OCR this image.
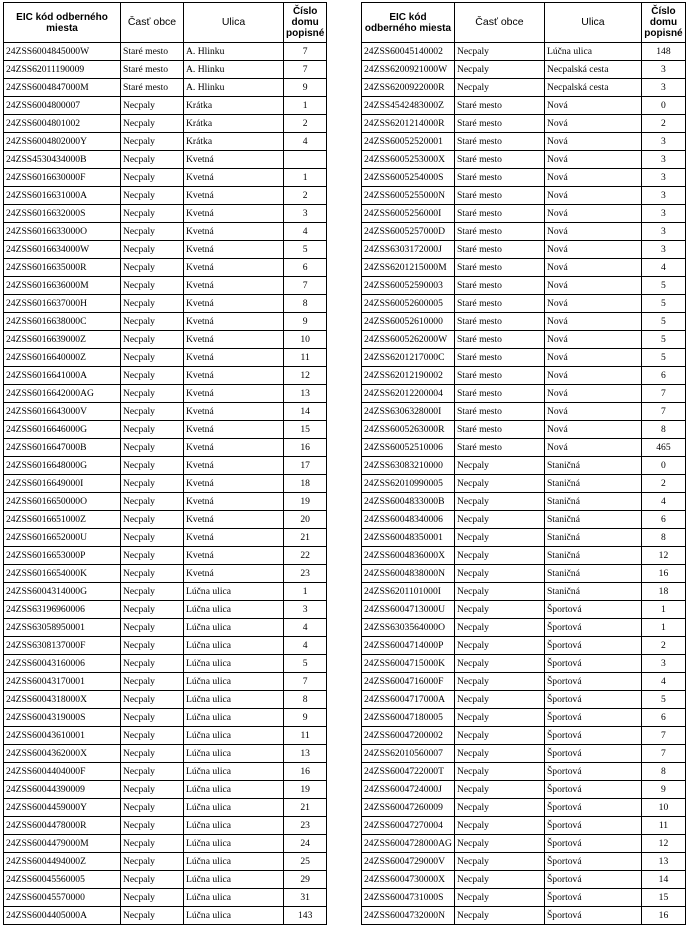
EIC kód odberného miesta	Časť obce	Ulica	Číslo domu popisné
24ZSS6004845000W	Staré mesto	A. Hlinku	7
24ZSS62011190009	Staré mesto	A. Hlinku	7
24ZSS6004847000M	Staré mesto	A. Hlinku	9
24ZSS6004800007	Necpaly	Krátka	1
24ZSS6004801002	Necpaly	Krátka	2
24ZSS6004802000Y	Necpaly	Krátka	4
24ZSS4530434000B	Necpaly	Kvetná	
24ZSS6016630000F	Necpaly	Kvetná	1
24ZSS6016631000A	Necpaly	Kvetná	2
24ZSS6016632000S	Necpaly	Kvetná	3
24ZSS6016633000O	Necpaly	Kvetná	4
24ZSS6016634000W	Necpaly	Kvetná	5
24ZSS6016635000R	Necpaly	Kvetná	6
24ZSS6016636000M	Necpaly	Kvetná	7
24ZSS6016637000H	Necpaly	Kvetná	8
24ZSS6016638000C	Necpaly	Kvetná	9
24ZSS6016639000Z	Necpaly	Kvetná	10
24ZSS6016640000Z	Necpaly	Kvetná	11
24ZSS6016641000A	Necpaly	Kvetná	12
24ZSS6016642000AG	Necpaly	Kvetná	13
24ZSS6016643000V	Necpaly	Kvetná	14
24ZSS6016646000G	Necpaly	Kvetná	15
24ZSS6016647000B	Necpaly	Kvetná	16
24ZSS6016648000G	Necpaly	Kvetná	17
24ZSS6016649000I	Necpaly	Kvetná	18
24ZSS6016650000O	Necpaly	Kvetná	19
24ZSS6016651000Z	Necpaly	Kvetná	20
24ZSS6016652000U	Necpaly	Kvetná	21
24ZSS6016653000P	Necpaly	Kvetná	22
24ZSS6016654000K	Necpaly	Kvetná	23
24ZSS6004314000G	Necpaly	Lúčna ulica	1
24ZSS63196960006	Necpaly	Lúčna ulica	3
24ZSS63058950001	Necpaly	Lúčna ulica	4
24ZSS6308137000F	Necpaly	Lúčna ulica	4
24ZSS60043160006	Necpaly	Lúčna ulica	5
24ZSS60043170001	Necpaly	Lúčna ulica	7
24ZSS6004318000X	Necpaly	Lúčna ulica	8
24ZSS6004319000S	Necpaly	Lúčna ulica	9
24ZSS60043610001	Necpaly	Lúčna ulica	11
24ZSS6004362000X	Necpaly	Lúčna ulica	13
24ZSS6004404000F	Necpaly	Lúčna ulica	16
24ZSS60044390009	Necpaly	Lúčna ulica	19
24ZSS6004459000Y	Necpaly	Lúčna ulica	21
24ZSS6004478000R	Necpaly	Lúčna ulica	23
24ZSS6004479000M	Necpaly	Lúčna ulica	24
24ZSS6004494000Z	Necpaly	Lúčna ulica	25
24ZSS60045560005	Necpaly	Lúčna ulica	29
24ZSS60045570000	Necpaly	Lúčna ulica	31
24ZSS6004405000A	Necpaly	Lúčna ulica	143
EIC kód odberného miesta	Časť obce	Ulica	Číslo domu popisné
24ZSS60045140002	Necpaly	Lúčna ulica	148
24ZSS6200921000W	Necpaly	Necpalská cesta	3
24ZSS6200922000R	Necpaly	Necpalská cesta	3
24ZSS4542483000Z	Staré mesto	Nová	0
24ZSS6201214000R	Staré mesto	Nová	2
24ZSS60052520001	Staré mesto	Nová	3
24ZSS6005253000X	Staré mesto	Nová	3
24ZSS6005254000S	Staré mesto	Nová	3
24ZSS6005255000N	Staré mesto	Nová	3
24ZSS6005256000I	Staré mesto	Nová	3
24ZSS6005257000D	Staré mesto	Nová	3
24ZSS6303172000J	Staré mesto	Nová	3
24ZSS6201215000M	Staré mesto	Nová	4
24ZSS60052590003	Staré mesto	Nová	5
24ZSS60052600005	Staré mesto	Nová	5
24ZSS60052610000	Staré mesto	Nová	5
24ZSS6005262000W	Staré mesto	Nová	5
24ZSS6201217000C	Staré mesto	Nová	5
24ZSS62012190002	Staré mesto	Nová	6
24ZSS62012200004	Staré mesto	Nová	7
24ZSS6306328000I	Staré mesto	Nová	7
24ZSS6005263000R	Staré mesto	Nová	8
24ZSS60052510006	Staré mesto	Nová	465
24ZSS63083210000	Necpaly	Staničná	0
24ZSS62010990005	Necpaly	Staničná	2
24ZSS6004833000B	Necpaly	Staničná	4
24ZSS60048340006	Necpaly	Staničná	6
24ZSS60048350001	Necpaly	Staničná	8
24ZSS6004836000X	Necpaly	Staničná	12
24ZSS6004838000N	Necpaly	Staničná	16
24ZSS6201101000I	Necpaly	Staničná	18
24ZSS6004713000U	Necpaly	Športová	1
24ZSS6303564000O	Necpaly	Športová	1
24ZSS6004714000P	Necpaly	Športová	2
24ZSS6004715000K	Necpaly	Športová	3
24ZSS6004716000F	Necpaly	Športová	4
24ZSS6004717000A	Necpaly	Športová	5
24ZSS60047180005	Necpaly	Športová	6
24ZSS60047200002	Necpaly	Športová	7
24ZSS62010560007	Necpaly	Športová	7
24ZSS6004722000T	Necpaly	Športová	8
24ZSS6004724000J	Necpaly	Športová	9
24ZSS60047260009	Necpaly	Športová	10
24ZSS60047270004	Necpaly	Športová	11
24ZSS6004728000AG	Necpaly	Športová	12
24ZSS6004729000V	Necpaly	Športová	13
24ZSS6004730000X	Necpaly	Športová	14
24ZSS6004731000S	Necpaly	Športová	15
24ZSS6004732000N	Necpaly	Športová	16
